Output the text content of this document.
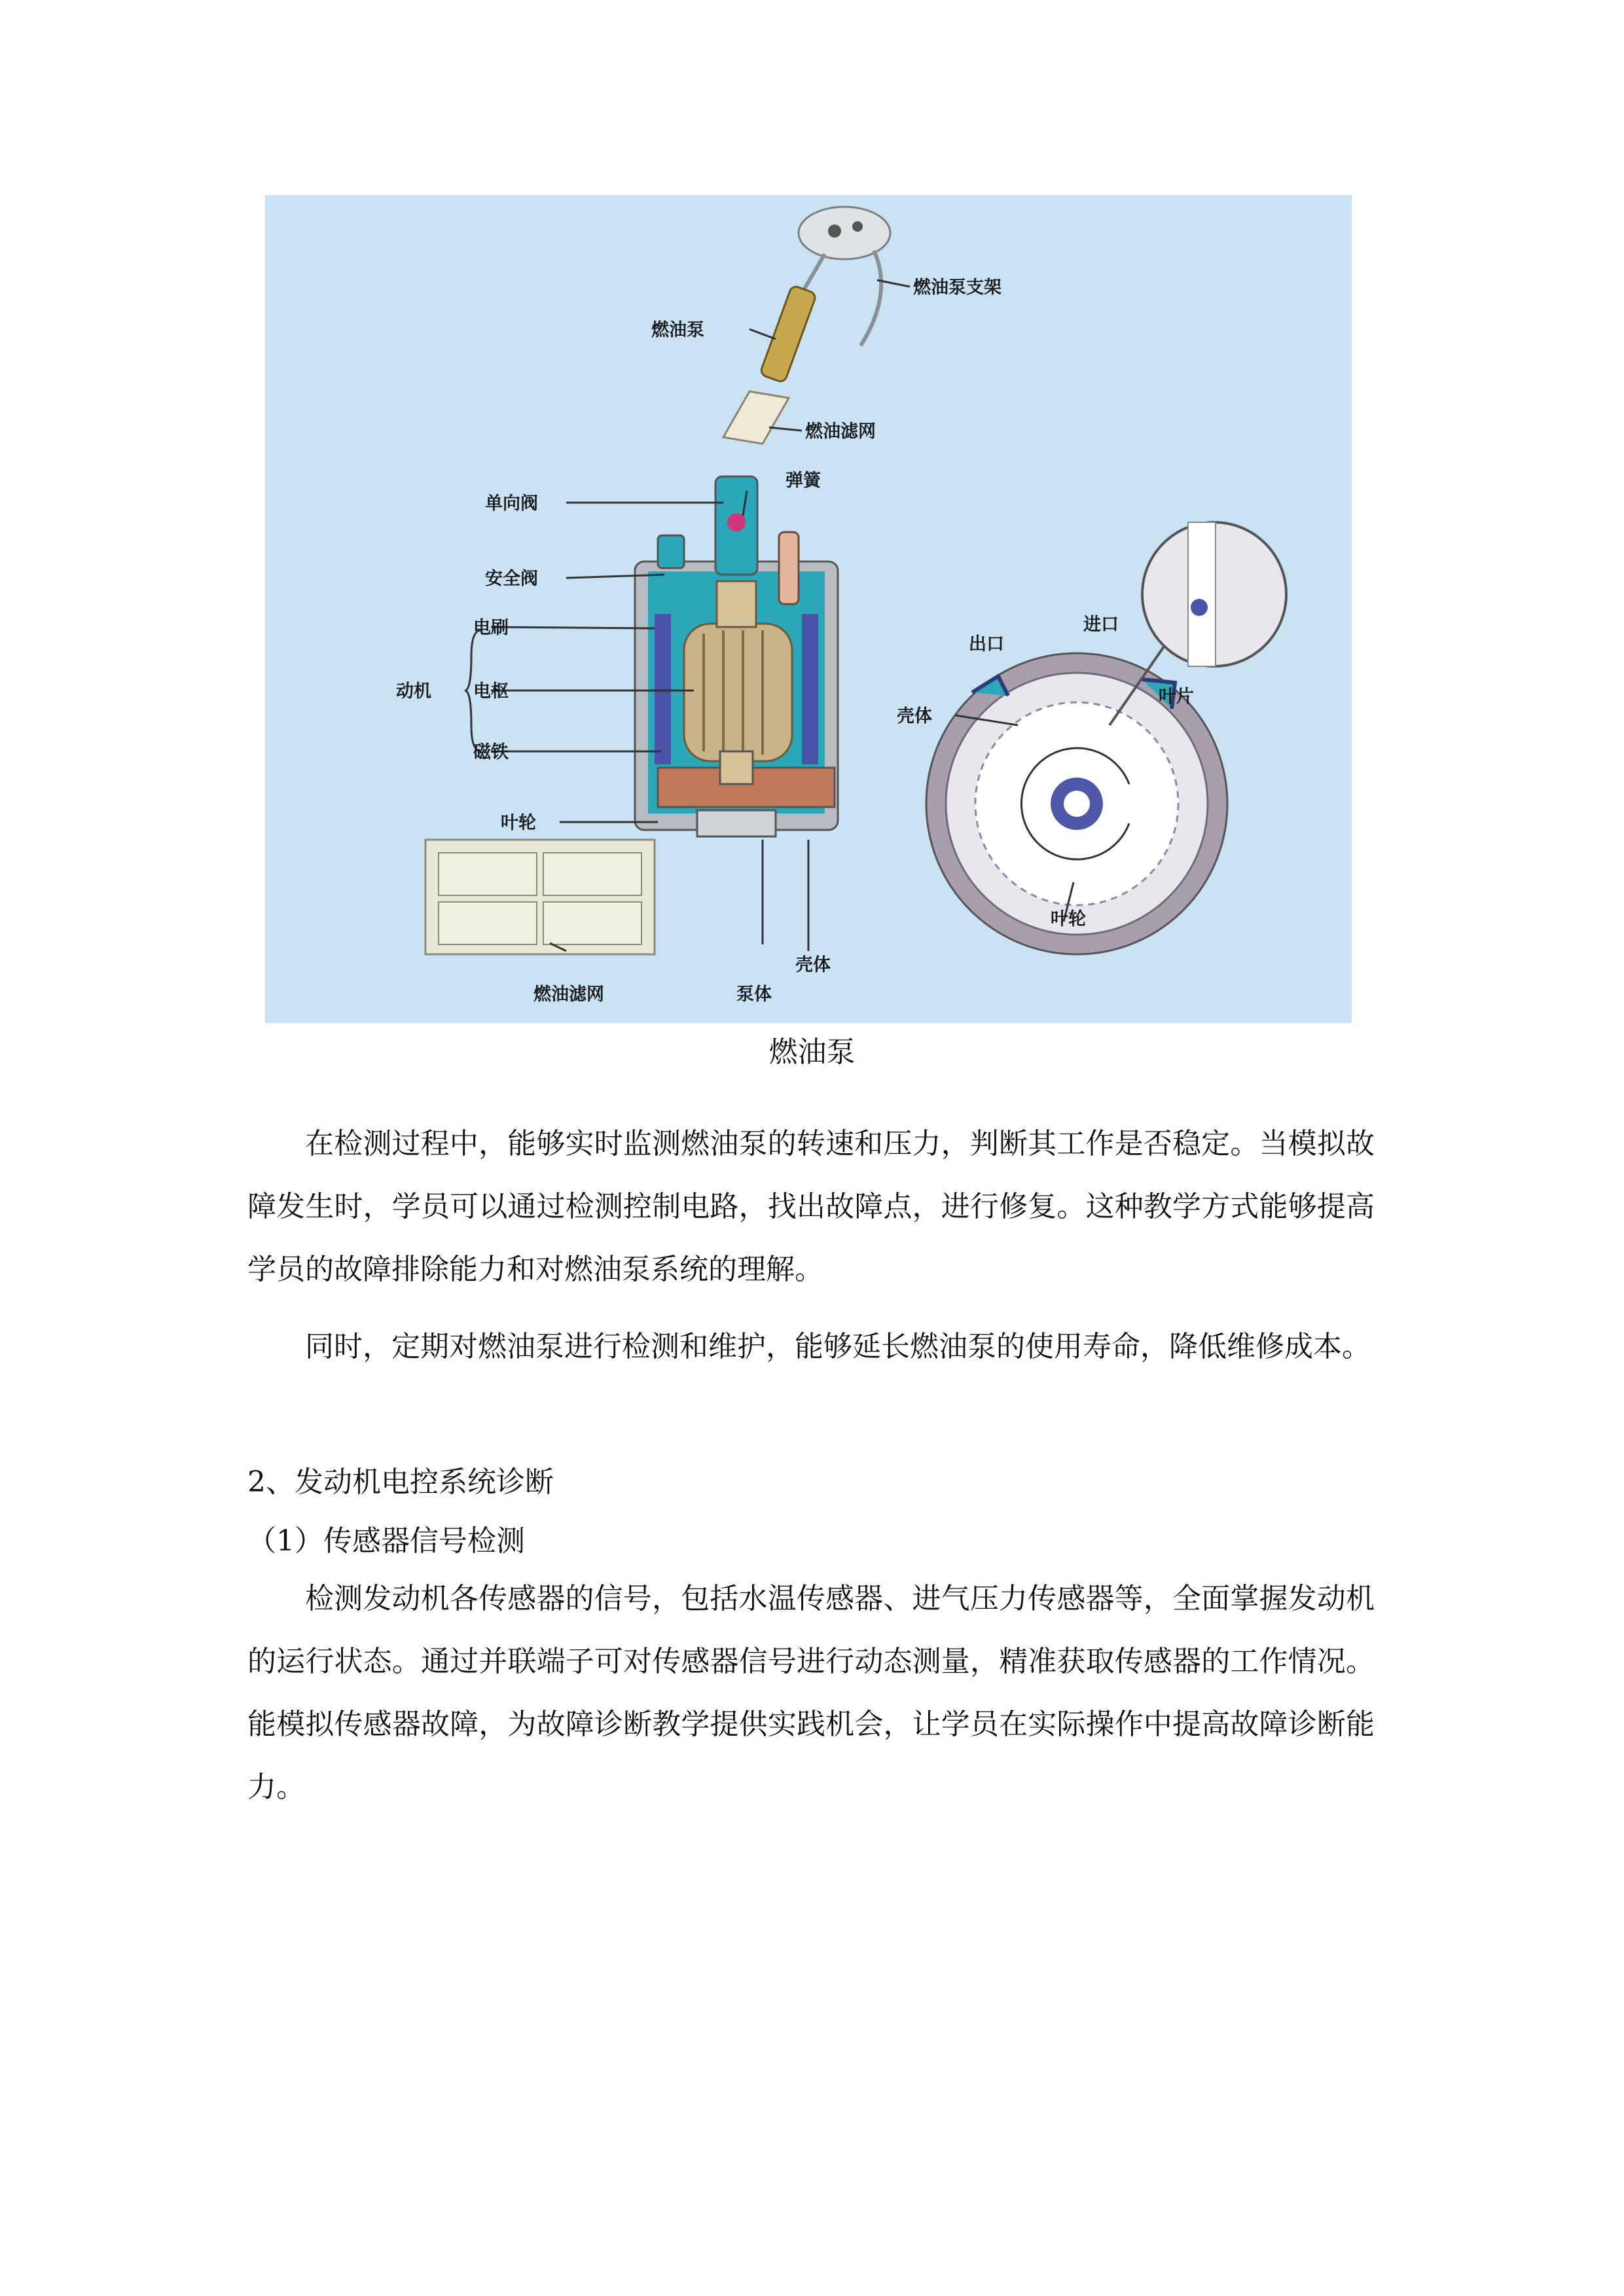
燃油泵支架
燃油泵
燃油滤网
弹簧
单向阀
安全阀
电刷
电枢
磁铁
动机
叶轮
燃油滤网	泵体
壳体
出口
进口
壳体
叶片
叶轮
燃油泵

在检测过程中，能够实时监测燃油泵的转速和压力，判断其工作是否稳定。当模拟故障发生时，学员可以通过检测控制电路，找出故障点，进行修复。这种教学方式能够提高学员的故障排除能力和对燃油泵系统的理解。

同时，定期对燃油泵进行检测和维护，能够延长燃油泵的使用寿命，降低维修成本。

2、发动机电控系统诊断
（1）传感器信号检测

检测发动机各传感器的信号，包括水温传感器、进气压力传感器等，全面掌握发动机的运行状态。通过并联端子可对传感器信号进行动态测量，精准获取传感器的工作情况。能模拟传感器故障，为故障诊断教学提供实践机会，让学员在实际操作中提高故障诊断能力。
